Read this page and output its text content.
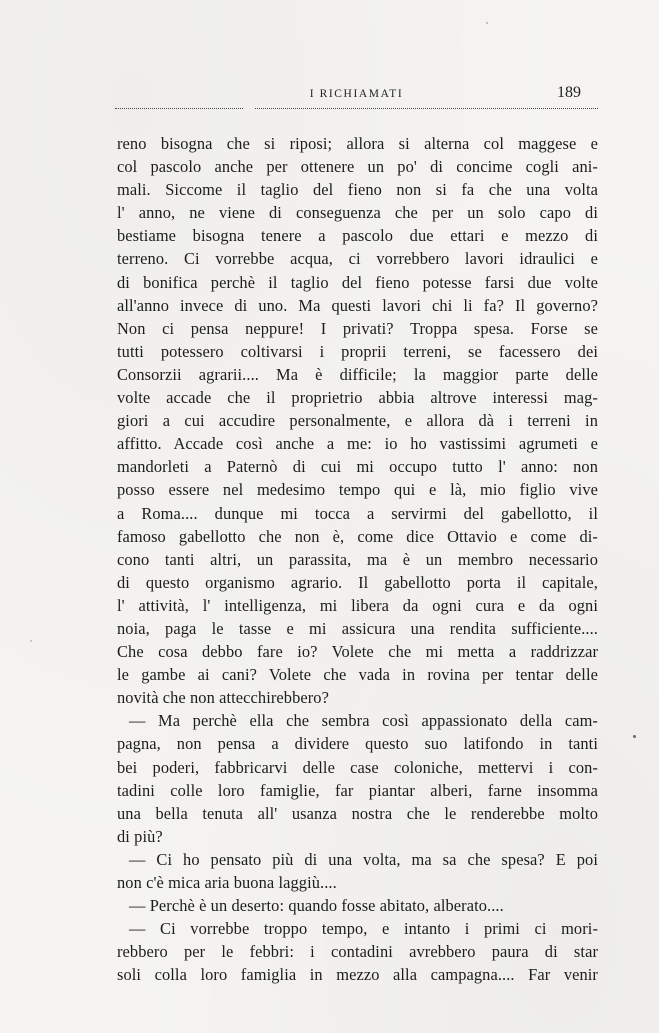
I RICHIAMATI	189
reno bisogna che si riposi; allora si alterna col maggese e
col pascolo anche per ottenere un po' di concime cogli ani-
mali. Siccome il taglio del fieno non si fa che una volta
l' anno, ne viene di conseguenza che per un solo capo di
bestiame bisogna tenere a pascolo due ettari e mezzo di
terreno. Ci vorrebbe acqua, ci vorrebbero lavori idraulici e
di bonifica perchè il taglio del fieno potesse farsi due volte
all'anno invece di uno. Ma questi lavori chi li fa? Il governo?
Non ci pensa neppure! I privati? Troppa spesa. Forse se
tutti potessero coltivarsi i proprii terreni, se facessero dei
Consorzii agrarii.... Ma è difficile; la maggior parte delle
volte accade che il proprietrio abbia altrove interessi mag-
giori a cui accudire personalmente, e allora dà i terreni in
affitto. Accade così anche a me: io ho vastissimi agrumeti e
mandorleti a Paternò di cui mi occupo tutto l' anno: non
posso essere nel medesimo tempo qui e là, mio figlio vive
a Roma.... dunque mi tocca a servirmi del gabellotto, il
famoso gabellotto che non è, come dice Ottavio e come di-
cono tanti altri, un parassita, ma è un membro necessario
di questo organismo agrario. Il gabellotto porta il capitale,
l' attività, l' intelligenza, mi libera da ogni cura e da ogni
noia, paga le tasse e mi assicura una rendita sufficiente....
Che cosa debbo fare io? Volete che mi metta a raddrizzar
le gambe ai cani? Volete che vada in rovina per tentar delle
novità che non attecchirebbero?
— Ma perchè ella che sembra così appassionato della cam-
pagna, non pensa a dividere questo suo latifondo in tanti
bei poderi, fabbricarvi delle case coloniche, mettervi i con-
tadini colle loro famiglie, far piantar alberi, farne insomma
una bella tenuta all' usanza nostra che le renderebbe molto
di più?
— Ci ho pensato più di una volta, ma sa che spesa? E poi
non c'è mica aria buona laggiù....
— Perchè è un deserto: quando fosse abitato, alberato....
— Ci vorrebbe troppo tempo, e intanto i primi ci mori-
rebbero per le febbri: i contadini avrebbero paura di star
soli colla loro famiglia in mezzo alla campagna.... Far venir
